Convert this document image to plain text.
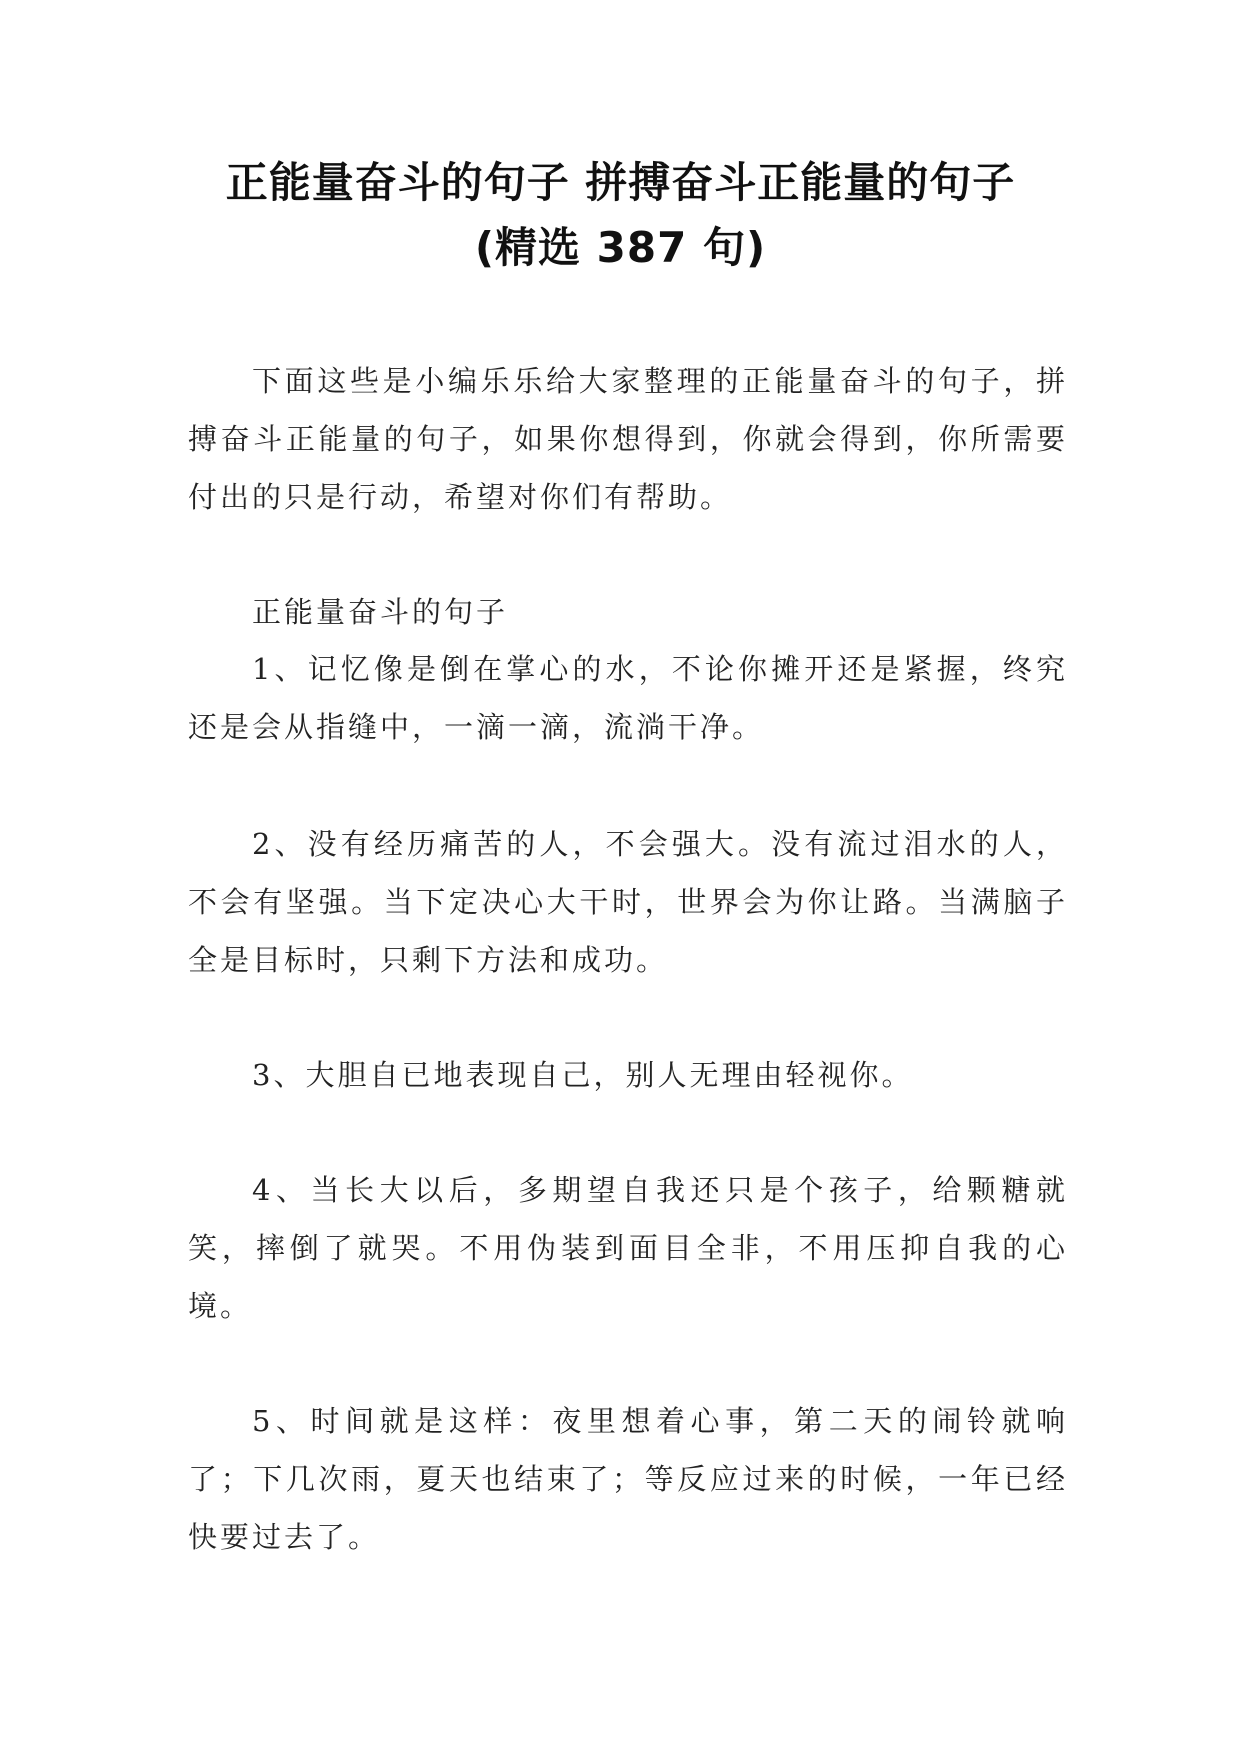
正能量奋斗的句子 拼搏奋斗正能量的句子
(精选 387 句)

下面这些是小编乐乐给大家整理的正能量奋斗的句子，拼搏奋斗正能量的句子，如果你想得到，你就会得到，你所需要付出的只是行动，希望对你们有帮助。

正能量奋斗的句子

1、记忆像是倒在掌心的水，不论你摊开还是紧握，终究还是会从指缝中，一滴一滴，流淌干净。

2、没有经历痛苦的人，不会强大。没有流过泪水的人，不会有坚强。当下定决心大干时，世界会为你让路。当满脑子全是目标时，只剩下方法和成功。

3、大胆自已地表现自己，别人无理由轻视你。

4、当长大以后，多期望自我还只是个孩子，给颗糖就笑，摔倒了就哭。不用伪装到面目全非，不用压抑自我的心境。

5、时间就是这样：夜里想着心事，第二天的闹铃就响了；下几次雨，夏天也结束了；等反应过来的时候，一年已经快要过去了。
